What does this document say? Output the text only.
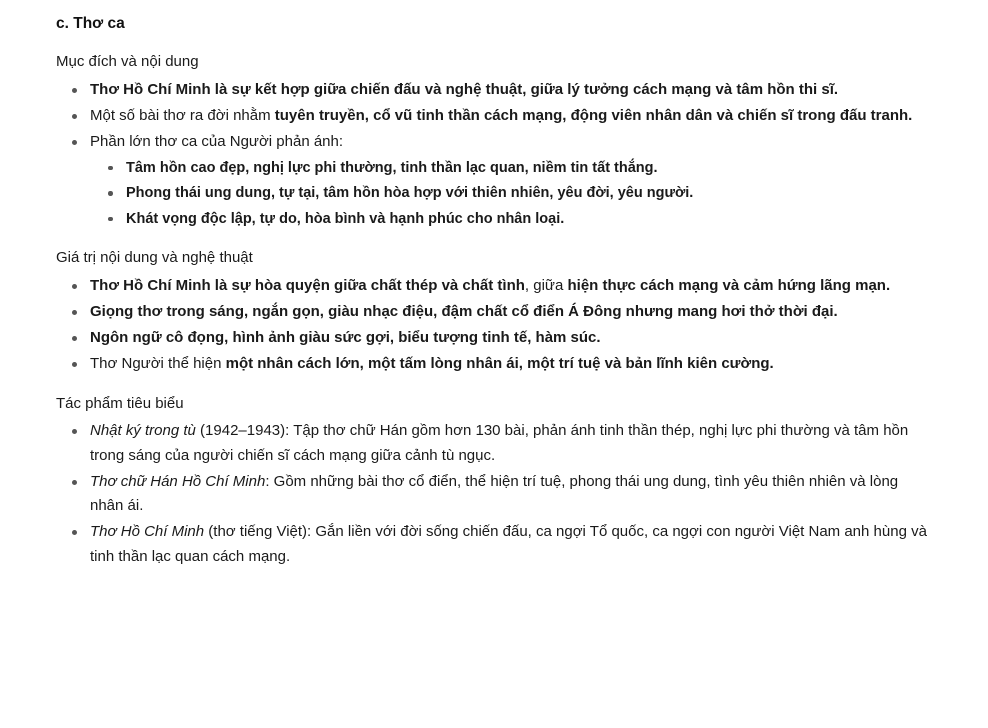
c. Thơ ca
Mục đích và nội dung
Thơ Hồ Chí Minh là sự kết hợp giữa chiến đấu và nghệ thuật, giữa lý tưởng cách mạng và tâm hồn thi sĩ.
Một số bài thơ ra đời nhằm tuyên truyền, cổ vũ tinh thần cách mạng, động viên nhân dân và chiến sĩ trong đấu tranh.
Phần lớn thơ ca của Người phản ánh:
Tâm hồn cao đẹp, nghị lực phi thường, tinh thần lạc quan, niềm tin tất thắng.
Phong thái ung dung, tự tại, tâm hồn hòa hợp với thiên nhiên, yêu đời, yêu người.
Khát vọng độc lập, tự do, hòa bình và hạnh phúc cho nhân loại.
Giá trị nội dung và nghệ thuật
Thơ Hồ Chí Minh là sự hòa quyện giữa chất thép và chất tình, giữa hiện thực cách mạng và cảm hứng lãng mạn.
Giọng thơ trong sáng, ngắn gọn, giàu nhạc điệu, đậm chất cổ điển Á Đông nhưng mang hơi thở thời đại.
Ngôn ngữ cô đọng, hình ảnh giàu sức gợi, biểu tượng tinh tế, hàm súc.
Thơ Người thể hiện một nhân cách lớn, một tấm lòng nhân ái, một trí tuệ và bản lĩnh kiên cường.
Tác phẩm tiêu biểu
Nhật ký trong tù (1942–1943): Tập thơ chữ Hán gồm hơn 130 bài, phản ánh tinh thần thép, nghị lực phi thường và tâm hồn trong sáng của người chiến sĩ cách mạng giữa cảnh tù ngục.
Thơ chữ Hán Hồ Chí Minh: Gồm những bài thơ cổ điển, thể hiện trí tuệ, phong thái ung dung, tình yêu thiên nhiên và lòng nhân ái.
Thơ Hồ Chí Minh (thơ tiếng Việt): Gắn liền với đời sống chiến đấu, ca ngợi Tổ quốc, ca ngợi con người Việt Nam anh hùng và tinh thần lạc quan cách mạng.
